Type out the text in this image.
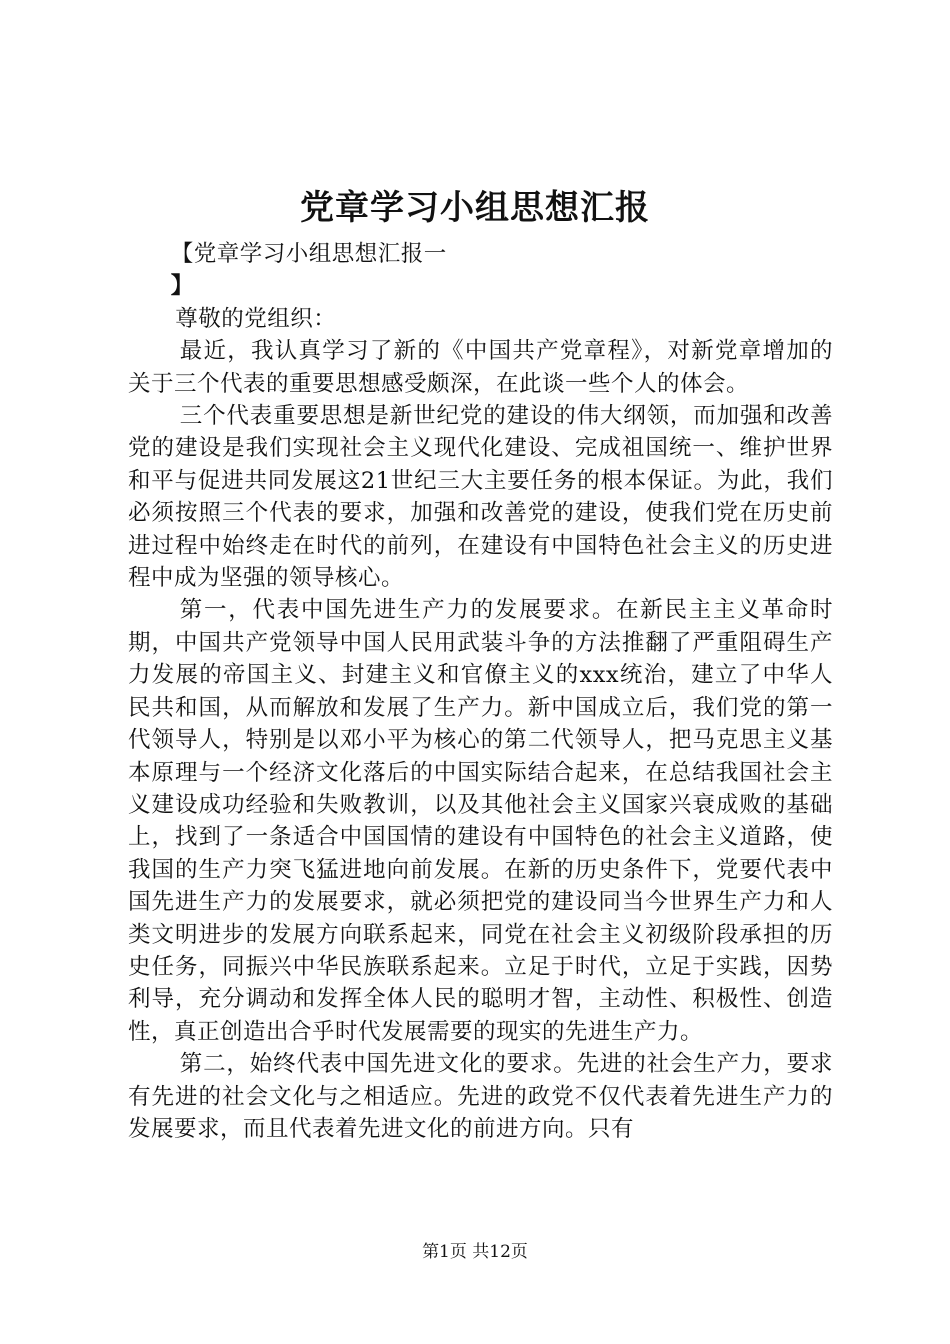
党章学习小组思想汇报

【党章学习小组思想汇报一
】

尊敬的党组织：

最近，我认真学习了新的《中国共产党章程》，对新党章增加的关于三个代表的重要思想感受颇深，在此谈一些个人的体会。

三个代表重要思想是新世纪党的建设的伟大纲领，而加强和改善党的建设是我们实现社会主义现代化建设、完成祖国统一、维护世界和平与促进共同发展这21世纪三大主要任务的根本保证。为此，我们必须按照三个代表的要求，加强和改善党的建设，使我们党在历史前进过程中始终走在时代的前列，在建设有中国特色社会主义的历史进程中成为坚强的领导核心。

第一，代表中国先进生产力的发展要求。在新民主主义革命时期，中国共产党领导中国人民用武装斗争的方法推翻了严重阻碍生产力发展的帝国主义、封建主义和官僚主义的xxx统治，建立了中华人民共和国，从而解放和发展了生产力。新中国成立后，我们党的第一代领导人，特别是以邓小平为核心的第二代领导人，把马克思主义基本原理与一个经济文化落后的中国实际结合起来，在总结我国社会主义建设成功经验和失败教训，以及其他社会主义国家兴衰成败的基础上，找到了一条适合中国国情的建设有中国特色的社会主义道路，使我国的生产力突飞猛进地向前发展。在新的历史条件下，党要代表中国先进生产力的发展要求，就必须把党的建设同当今世界生产力和人类文明进步的发展方向联系起来，同党在社会主义初级阶段承担的历史任务，同振兴中华民族联系起来。立足于时代，立足于实践，因势利导，充分调动和发挥全体人民的聪明才智，主动性、积极性、创造性，真正创造出合乎时代发展需要的现实的先进生产力。

第二，始终代表中国先进文化的要求。先进的社会生产力，要求有先进的社会文化与之相适应。先进的政党不仅代表着先进生产力的发展要求，而且代表着先进文化的前进方向。只有

第1页 共12页
